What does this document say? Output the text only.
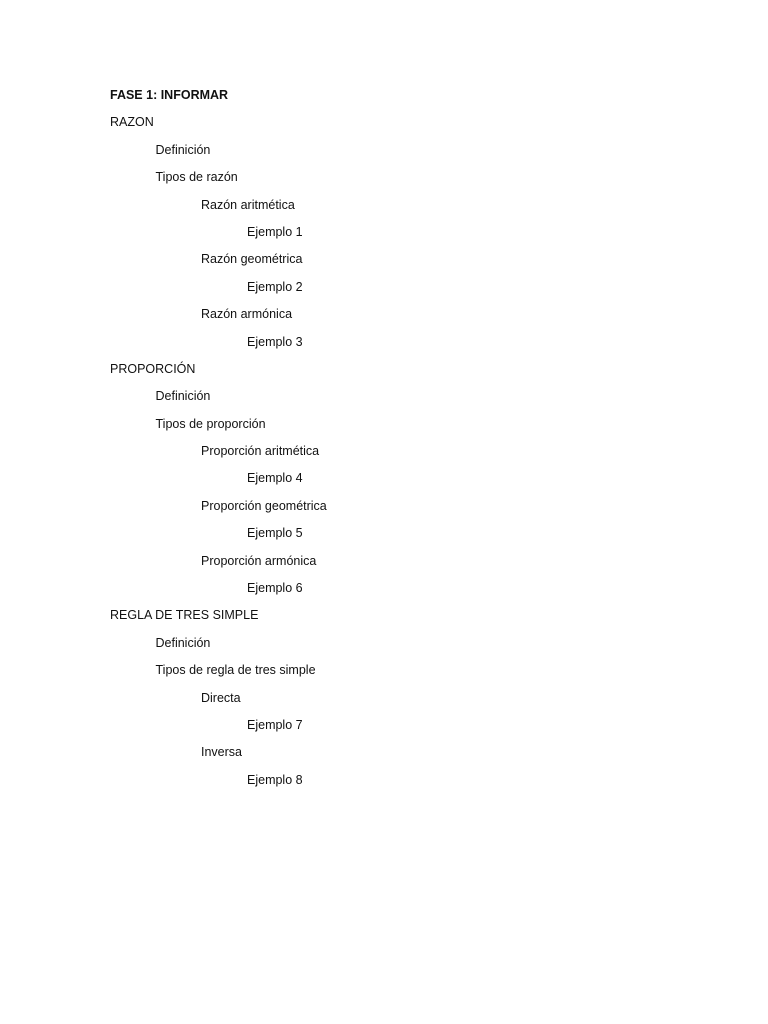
FASE 1: INFORMAR
RAZON
Definición
Tipos de razón
Razón aritmética
Ejemplo 1
Razón geométrica
Ejemplo 2
Razón armónica
Ejemplo 3
PROPORCIÓN
Definición
Tipos de proporción
Proporción aritmética
Ejemplo 4
Proporción geométrica
Ejemplo 5
Proporción armónica
Ejemplo 6
REGLA DE TRES SIMPLE
Definición
Tipos de regla de tres simple
Directa
Ejemplo 7
Inversa
Ejemplo 8
